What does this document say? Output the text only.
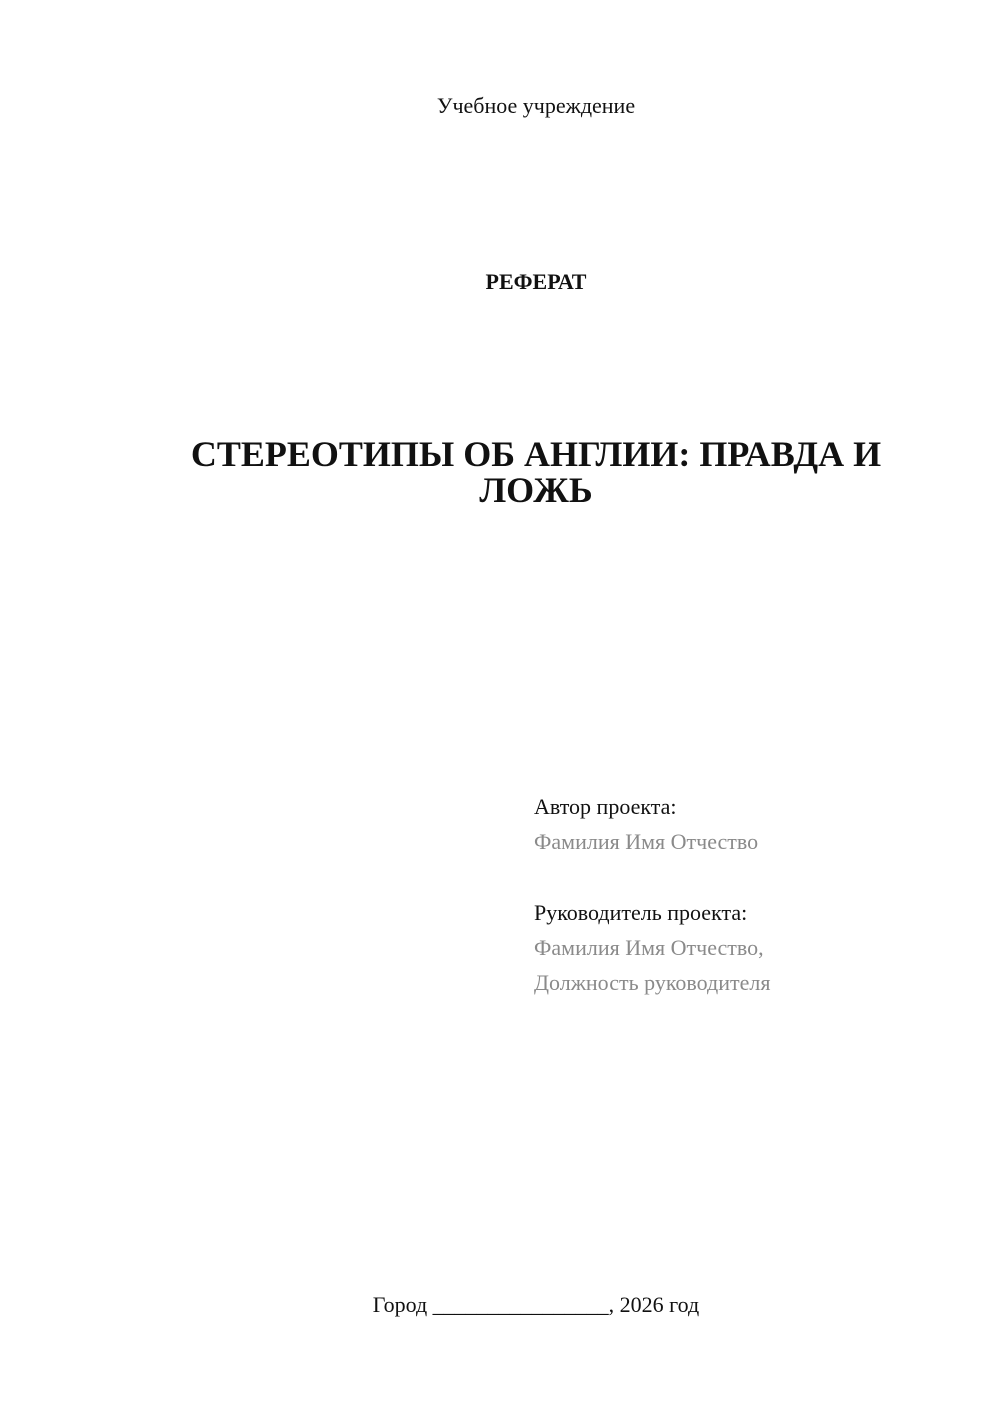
Учебное учреждение
РЕФЕРАТ
СТЕРЕОТИПЫ ОБ АНГЛИИ: ПРАВДА И ЛОЖЬ
Автор проекта:
Фамилия Имя Отчество
Руководитель проекта:
Фамилия Имя Отчество,
Должность руководителя
Город ________________, 2026 год
